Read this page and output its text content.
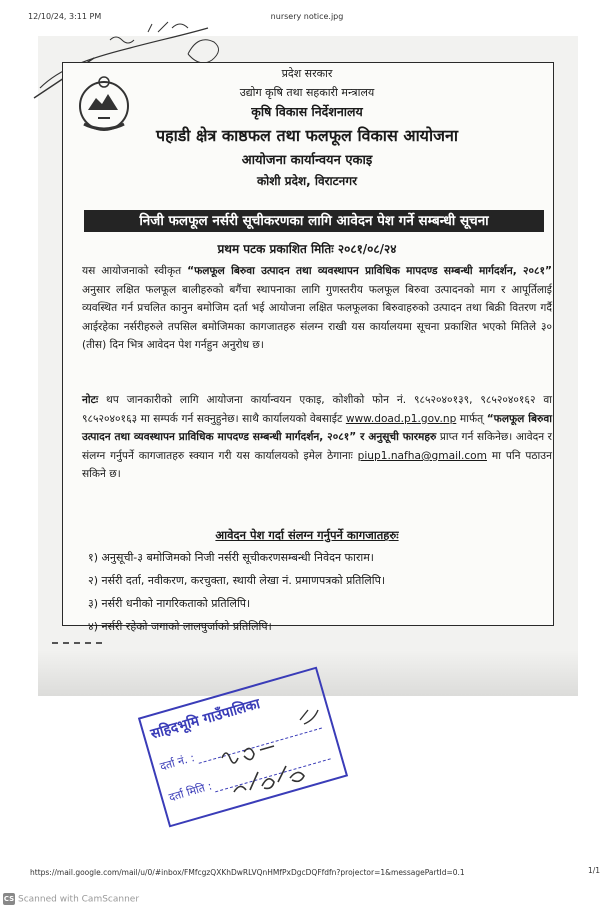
12/10/24, 3:11 PM	nursery notice.jpg
प्रदेश सरकार
उद्योग कृषि तथा सहकारी मन्त्रालय
कृषि विकास निर्देशनालय
पहाडी क्षेत्र काष्ठफल तथा फलफूल विकास आयोजना
आयोजना कार्यान्वयन एकाइ
कोशी प्रदेश, विराटनगर
निजी फलफूल नर्सरी सूचीकरणका लागि आवेदन पेश गर्ने सम्बन्धी सूचना
प्रथम पटक प्रकाशित मितिः २०८१/०८/२४

यस आयोजनाको स्वीकृत “फलफूल बिरुवा उत्पादन तथा व्यवस्थापन प्राविधिक मापदण्ड सम्बन्धी मार्गदर्शन, २०८१” अनुसार लक्षित फलफूल बालीहरुको बगैंचा स्थापनाका लागि गुणस्तरीय फलफूल बिरुवा उत्पादनको माग र आपूर्तिलाई व्यवस्थित गर्न प्रचलित कानुन बमोजिम दर्ता भई आयोजना लक्षित फलफूलका बिरुवाहरुको उत्पादन तथा बिक्री वितरण गर्दै आईरहेका नर्सरीहरुले तपसिल बमोजिमका कागजातहरु संलग्न राखी यस कार्यालयमा सूचना प्रकाशित भएको मितिले ३० (तीस) दिन भित्र आवेदन पेश गर्नहुन अनुरोध छ।

नोटः थप जानकारीको लागि आयोजना कार्यान्वयन एकाइ, कोशीको फोन नं. ९८५२०४०१३९, ९८५२०४०१६२ वा ९८५२०४०१६३ मा सम्पर्क गर्न सक्नुहुनेछ। साथै कार्यालयको वेबसाईट www.doad.p1.gov.np मार्फत् “फलफूल बिरुवा उत्पादन तथा व्यवस्थापन प्राविधिक मापदण्ड सम्बन्धी मार्गदर्शन, २०८१” र अनुसूची फारमहरु प्राप्त गर्न सकिनेछ। आवेदन र संलग्न गर्नुपर्ने कागजातहरु स्क्यान गरी यस कार्यालयको इमेल ठेगानाः piup1.nafha@gmail.com मा पनि पठाउन सकिने छ।

आवेदन पेश गर्दा संलग्न गर्नुपर्ने कागजातहरुः
१) अनुसूची-३ बमोजिमको निजी नर्सरी सूचीकरणसम्बन्धी निवेदन फाराम।
२) नर्सरी दर्ता, नवीकरण, करचुक्ता, स्थायी लेखा नं. प्रमाणपत्रको प्रतिलिपि।
३) नर्सरी धनीको नागरिकताको प्रतिलिपि।
४) नर्सरी रहेको जगाको लालपुर्जाको प्रतिलिपि।
सहिदभूमि गाउँपालिका
दर्ता नं. :
दर्ता मिति :
https://mail.google.com/mail/u/0/#inbox/FMfcgzQXKhDwRLVQnHMfPxDgcDQFfdfn?projector=1&messagePartId=0.1	1/1
CS Scanned with CamScanner
